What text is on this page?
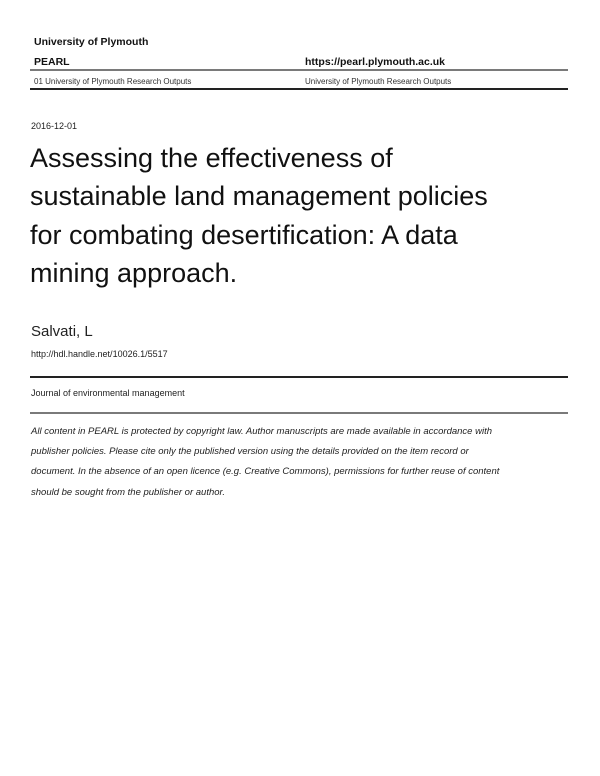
University of Plymouth
PEARL	https://pearl.plymouth.ac.uk
01 University of Plymouth Research Outputs	University of Plymouth Research Outputs
2016-12-01
Assessing the effectiveness of
sustainable land management policies
for combating desertification: A data
mining approach.
Salvati, L
http://hdl.handle.net/10026.1/5517
Journal of environmental management
All content in PEARL is protected by copyright law. Author manuscripts are made available in accordance with
publisher policies. Please cite only the published version using the details provided on the item record or
document. In the absence of an open licence (e.g. Creative Commons), permissions for further reuse of content
should be sought from the publisher or author.
